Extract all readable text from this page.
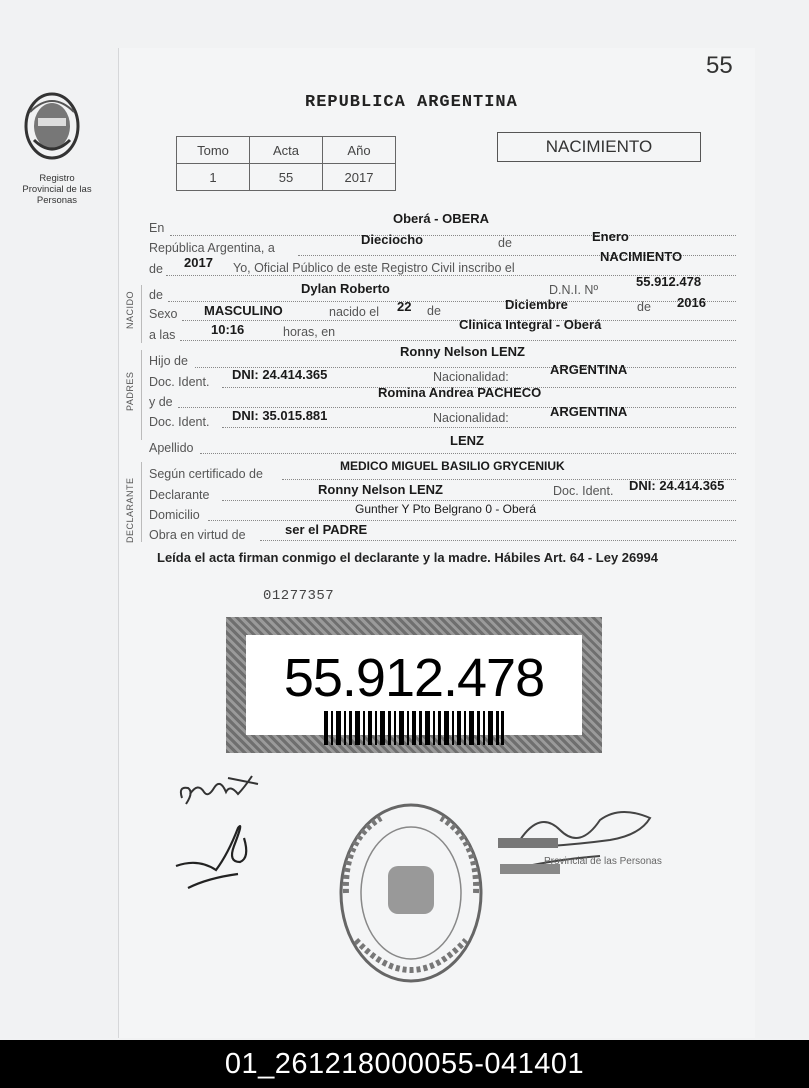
55
Registro Provincial de las Personas
REPUBLICA ARGENTINA
Tomo	Acta	Año
1	55	2017
NACIMIENTO
NACIDO
PADRES
DECLARANTE
En
Oberá - OBERA
República Argentina, a
Dieciocho	de	Enero
de 2017 Yo, Oficial Público de este Registro Civil inscribo el
NACIMIENTO
de	Dylan Roberto	D.N.I. Nº
55.912.478
Sexo MASCULINO	nacido el 22 de	Diciembre	de 2016
a las	10:16	horas, en	Clinica Integral - Oberá
Hijo de
Ronny Nelson LENZ
Doc. Ident. DNI: 24.414.365	Nacionalidad:	ARGENTINA
y de
Romina Andrea PACHECO
Doc. Ident. DNI: 35.015.881	Nacionalidad:	ARGENTINA
Apellido	LENZ
Según certificado de
MEDICO MIGUEL BASILIO GRYCENIUK
Declarante	Ronny Nelson LENZ	Doc. Ident. DNI: 24.414.365
Domicilio	Gunther Y Pto Belgrano 0 - Oberá
Obra en virtud de	ser el PADRE
Leída el acta firman conmigo el declarante y la madre. Hábiles Art. 64 - Ley 26994
01277357
55.912.478
Provincial de las Personas
01_261218000055-041401
